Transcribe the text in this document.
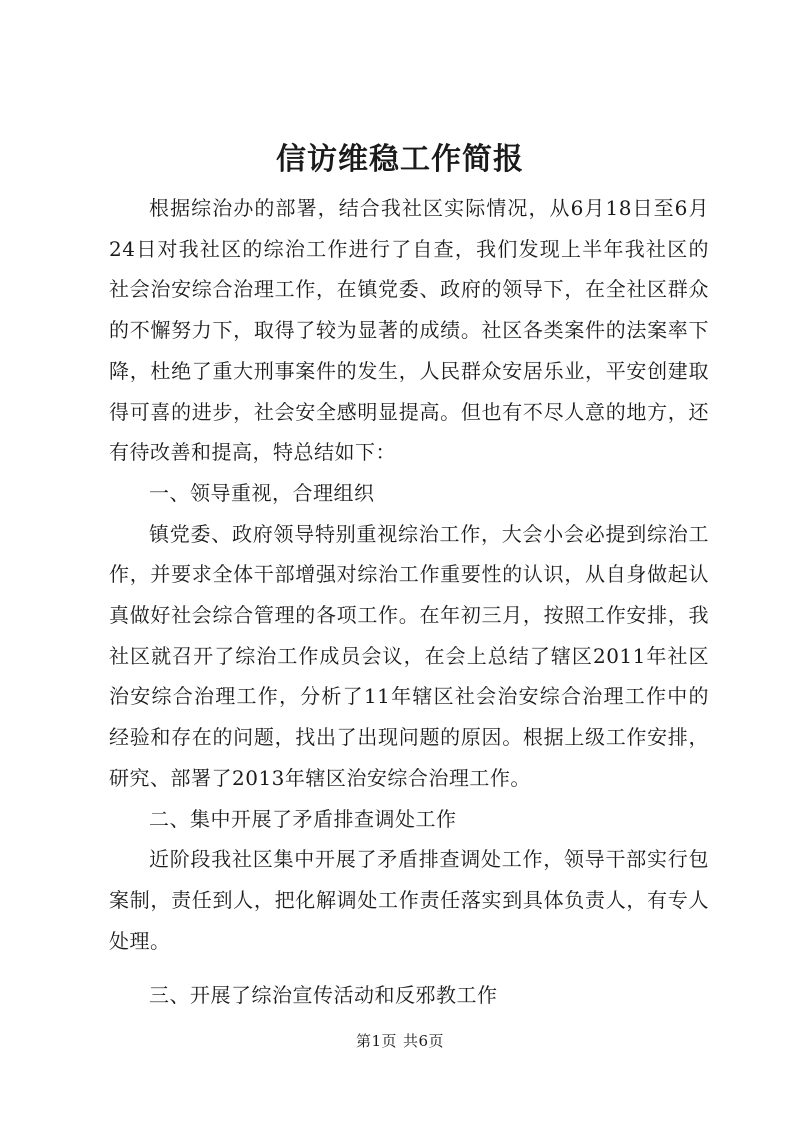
信访维稳工作简报

根据综治办的部署，结合我社区实际情况，从6月18日至6月24日对我社区的综治工作进行了自查，我们发现上半年我社区的社会治安综合治理工作，在镇党委、政府的领导下，在全社区群众的不懈努力下，取得了较为显著的成绩。社区各类案件的法案率下降，杜绝了重大刑事案件的发生，人民群众安居乐业，平安创建取得可喜的进步，社会安全感明显提高。但也有不尽人意的地方，还有待改善和提高，特总结如下：

一、领导重视，合理组织

镇党委、政府领导特别重视综治工作，大会小会必提到综治工作，并要求全体干部增强对综治工作重要性的认识，从自身做起认真做好社会综合管理的各项工作。在年初三月，按照工作安排，我社区就召开了综治工作成员会议，在会上总结了辖区2011年社区治安综合治理工作，分析了11年辖区社会治安综合治理工作中的经验和存在的问题，找出了出现问题的原因。根据上级工作安排，研究、部署了2013年辖区治安综合治理工作。

二、集中开展了矛盾排查调处工作

近阶段我社区集中开展了矛盾排查调处工作，领导干部实行包案制，责任到人，把化解调处工作责任落实到具体负责人，有专人处理。

三、开展了综治宣传活动和反邪教工作

第1页 共6页
